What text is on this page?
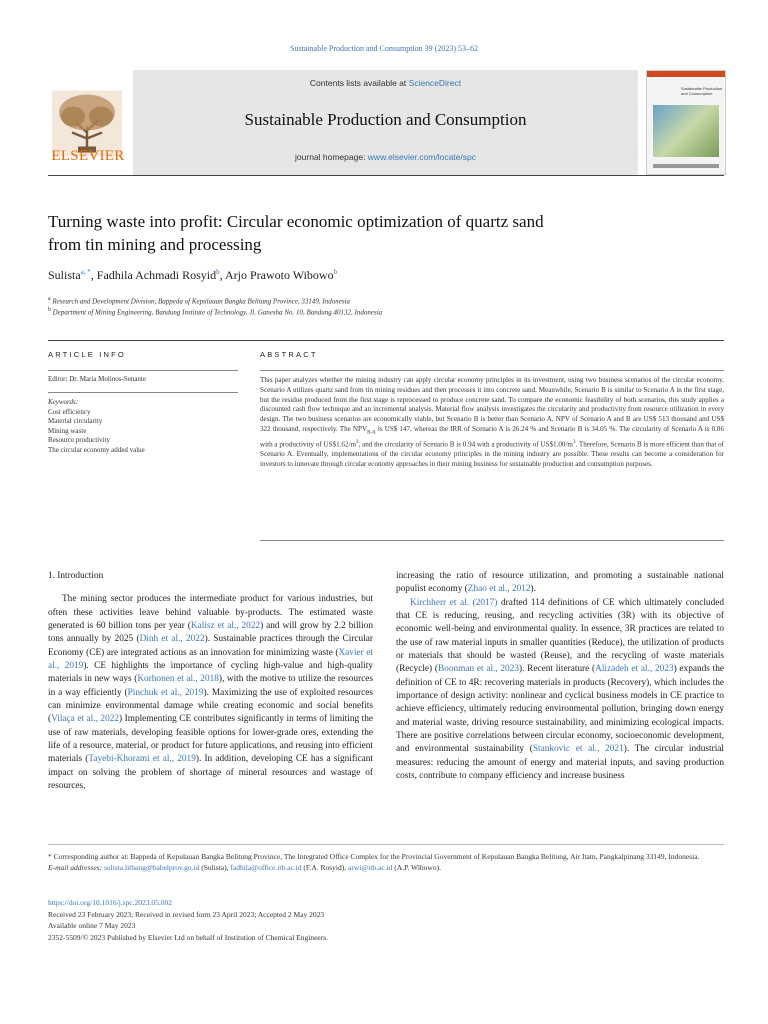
Sustainable Production and Consumption 39 (2023) 53–62
ELSEVIER
Contents lists available at ScienceDirect
Sustainable Production and Consumption
journal homepage: www.elsevier.com/locate/spc
Sustainable Production and Consumption
Turning waste into profit: Circular economic optimization of quartz sand
from tin mining and processing
Sulista$^{a, *}$, Fadhila Achmadi Rosyid$^b$, Arjo Prawoto Wibowo$^b$
$^a$ Research and Development Division, Bappeda of Kepulauan Bangka Belitung Province, 33149, Indonesia
$^b$ Department of Mining Engineering, Bandung Institute of Technology, Jl. Ganesha No. 10, Bandung 40132, Indonesia
ARTICLE INFO	ABSTRACT
Editor: Dr. Maria Molinos-Senante
Keywords:
Cost efficiency
Material circularity
Mining waste
Resource productivity
The circular economy added value
This paper analyzes whether the mining industry can apply circular economy principles in its investment, using two business scenarios of the circular economy. Scenario A utilizes quartz sand from tin mining residues and then processes it into concrete sand. Meanwhile, Scenario B is similar to Scenario A in the first stage, but the residue produced from the first stage is reprocessed to produce concrete sand. To compare the economic feasibility of both scenarios, this study applies a discounted cash flow technique and an incremental analysis. Material flow analysis investigates the circularity and productivity from resource utilization in every design. The two business scenarios are economically viable, but Scenario B is better than Scenario A. NPV of Scenario A and B are US$ 513 thousand and US$ 322 thousand, respectively. The $NPV_{B-A}$ is US$ 147, whereas the IRR of Scenario A is 26.24 % and Scenario B is 34.05 %. The circularity of Scenario A is 0.86 with a productivity of $US\$1.62/m^3$, and the circularity of Scenario B is 0.94 with a productivity of $US\$1.00/m^3$. Therefore, Scenario B is more efficient than that of Scenario A. Eventually, implementations of the circular economy principles in the mining industry are possible. These results can become a consideration for investors to innovate through circular economy approaches in their mining business for sustainable production and consumption purposes.
1. Introduction

The mining sector produces the intermediate product for various industries, but often these activities leave behind valuable by-products. The estimated waste generated is 60 billion tons per year (Kalisz et al., 2022) and will grow by 2.2 billion tons annually by 2025 (Dinh et al., 2022). Sustainable practices through the Circular Economy (CE) are integrated actions as an innovation for minimizing waste (Xavier et al., 2019). CE highlights the importance of cycling high-value and high-quality materials in new ways (Korhonen et al., 2018), with the motive to utilize the resources in a way efficiently (Pinchuk et al., 2019). Maximizing the use of exploited resources can minimize environmental damage while creating economic and social benefits (Vilaça et al., 2022) Implementing CE contributes significantly in terms of limiting the use of raw materials, developing feasible options for lower-grade ores, extending the life of a resource, material, or product for future applications, and reusing into efficient materials (Tayebi-Khorami et al., 2019). In addition, developing CE has a significant impact on solving the problem of shortage of mineral resources and wastage of resources,

increasing the ratio of resource utilization, and promoting a sustainable national populist economy (Zhao et al., 2012).

Kirchherr et al. (2017) drafted 114 definitions of CE which ultimately concluded that CE is reducing, reusing, and recycling activities (3R) with its objective of economic well-being and environmental quality. In essence, 3R practices are related to the use of raw material inputs in smaller quantities (Reduce), the utilization of products or materials that should be wasted (Reuse), and the recycling of waste materials (Recycle) (Boonman et al., 2023). Recent literature (Alizadeh et al., 2023) expands the definition of CE to 4R: recovering materials in products (Recovery), which includes the importance of design activity: nonlinear and cyclical business models in CE practice to achieve efficiency, ultimately reducing environmental pollution, bringing down energy and material waste, driving resource sustainability, and minimizing ecological impacts. There are positive correlations between circular economy, socioeconomic development, and environmental sustainability (Stankovic et al., 2021). The circular industrial measures: reducing the amount of energy and material inputs, and saving production costs, contribute to company efficiency and increase business

* Corresponding author at: Bappeda of Kepulauan Bangka Belitung Province, The Integrated Office Complex for the Provincial Government of Kepulauan Bangka Belitung, Air Itam, Pangkalpinang 33149, Indonesia.
E-mail addresses: sulista.litbang@babelprov.go.id (Sulista), fadhila@office.itb.ac.id (F.A. Rosyid), arwi@itb.ac.id (A.P. Wibowo).
https://doi.org/10.1016/j.spc.2023.05.002
Received 23 February 2023; Received in revised form 23 April 2023; Accepted 2 May 2023
Available online 7 May 2023
2352-5509/© 2023 Published by Elsevier Ltd on behalf of Institution of Chemical Engineers.
